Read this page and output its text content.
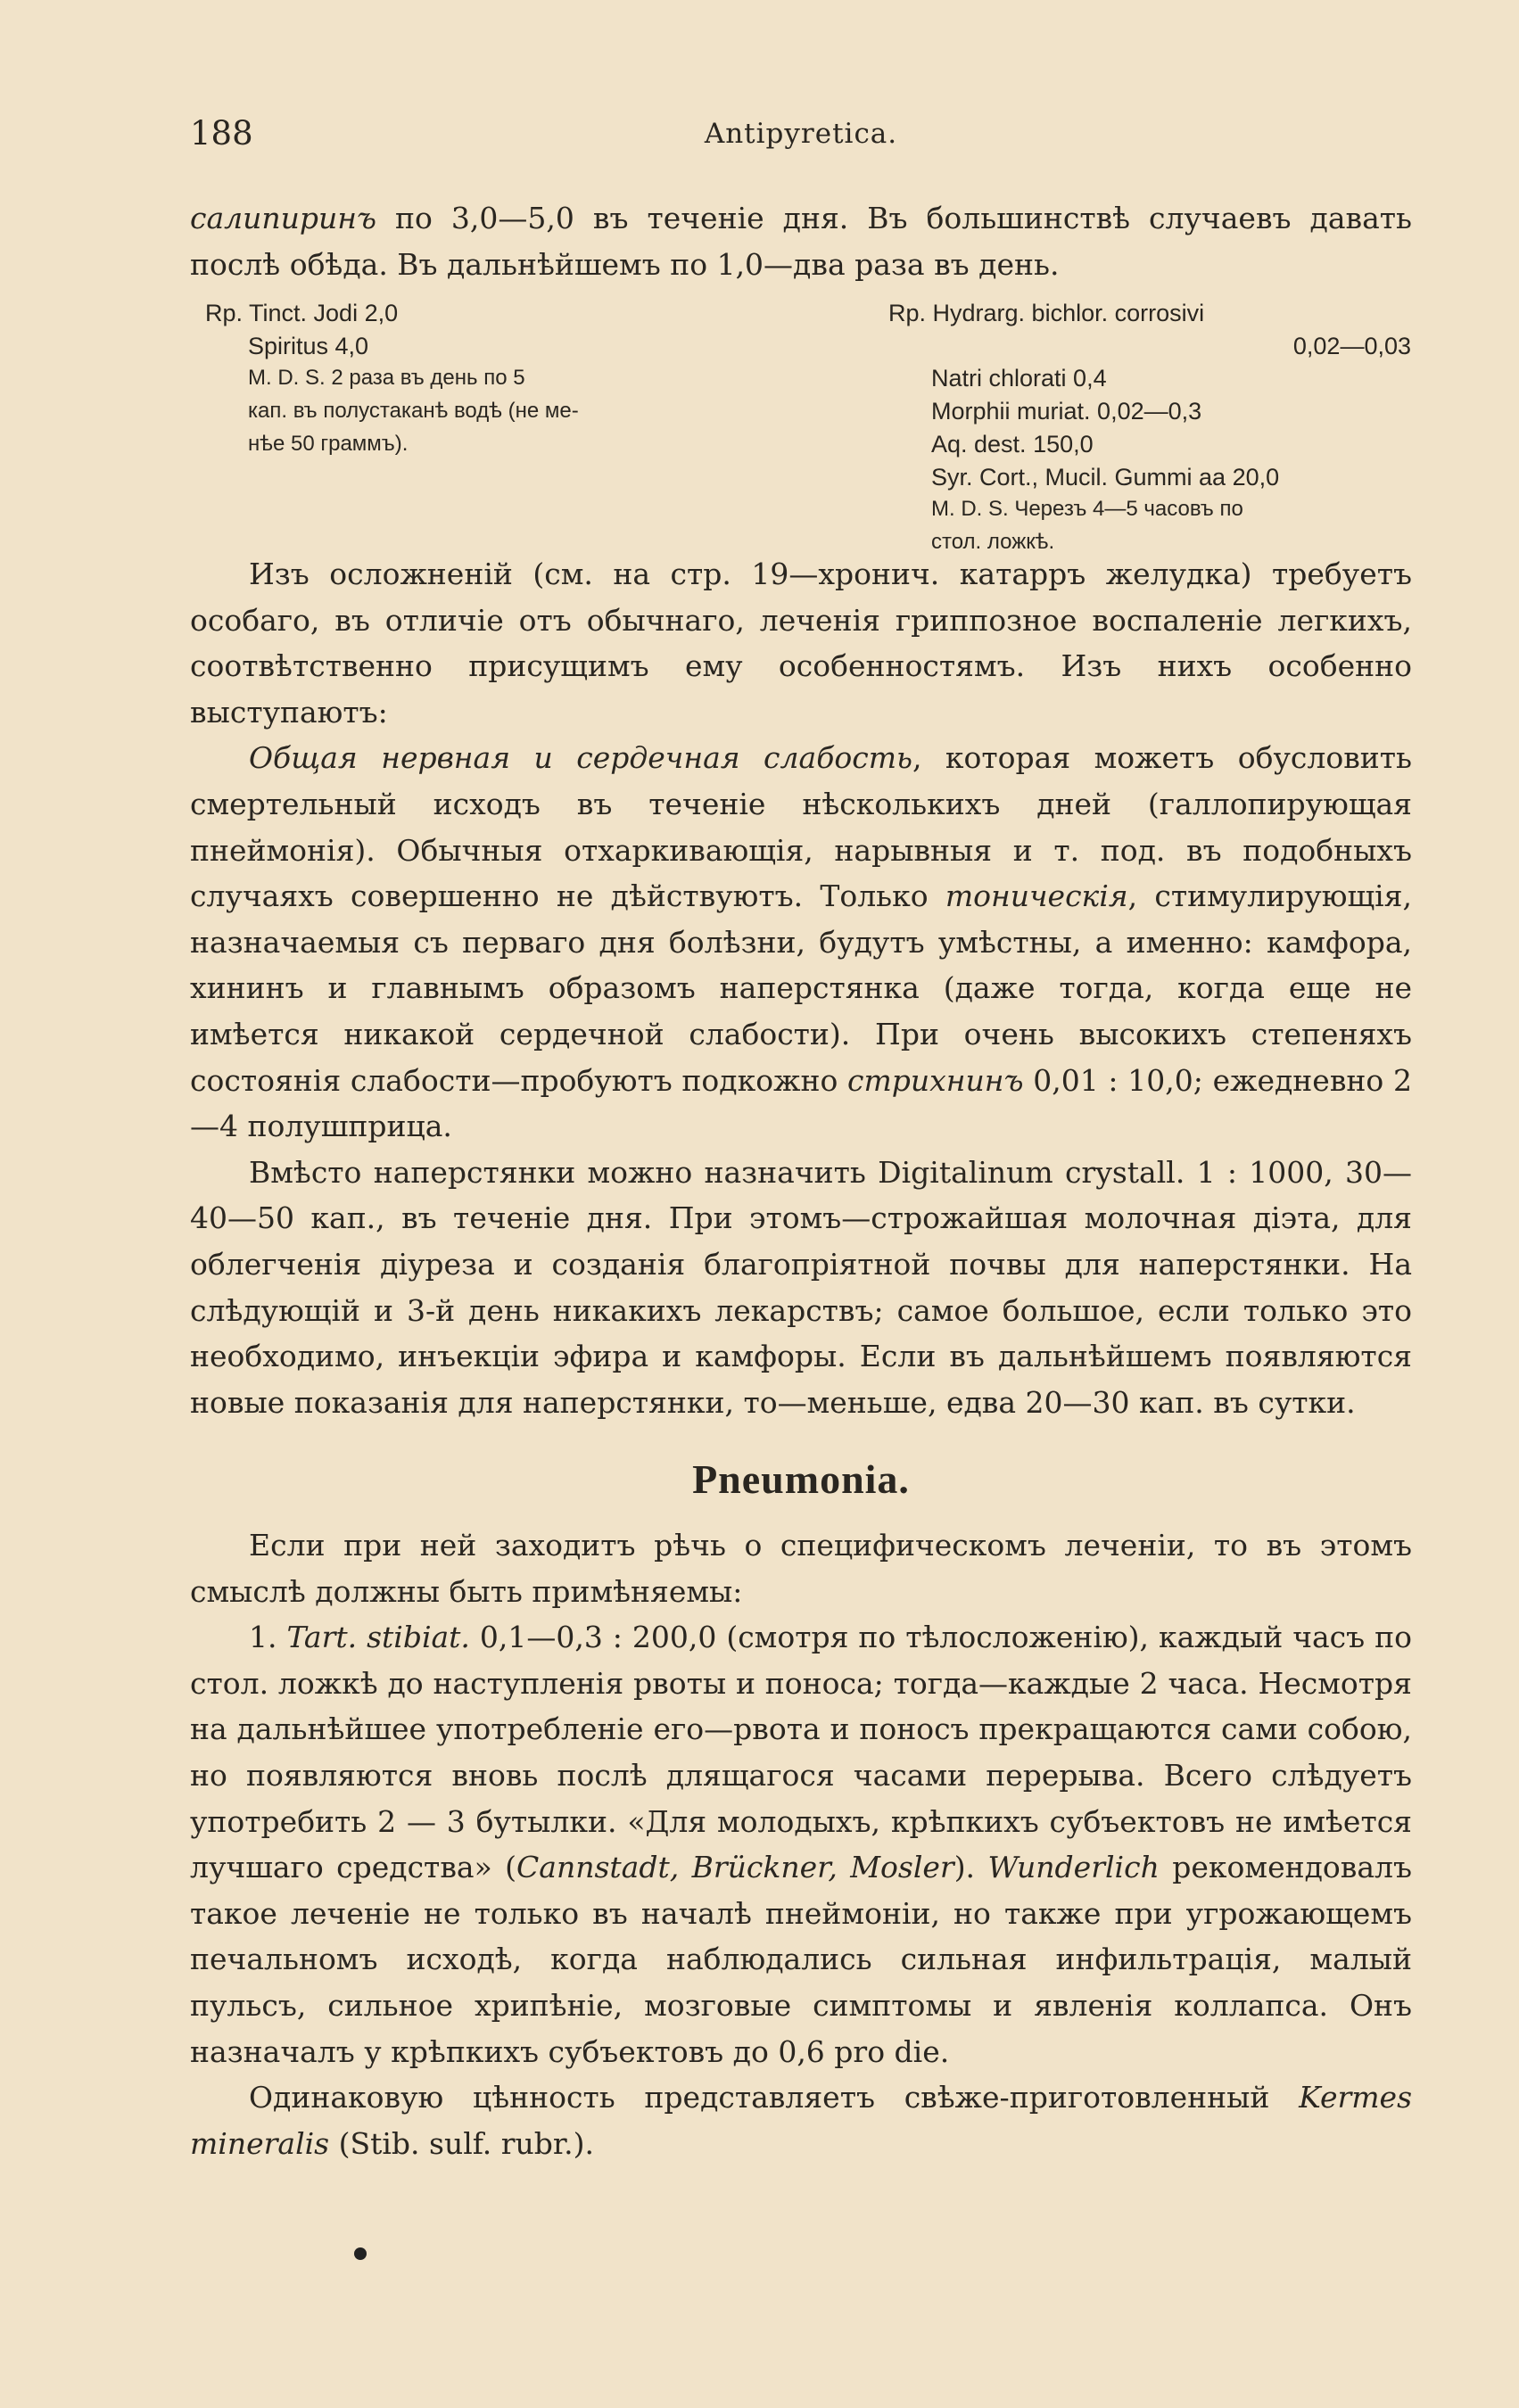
188	Antipyretica.

салипиринъ по 3,0—5,0 въ теченіе дня. Въ большинствѣ случаевъ давать послѣ обѣда. Въ дальнѣйшемъ по 1,0—два раза въ день.

Rp. Tinct. Jodi 2,0
Spiritus 4,0
M. D. S. 2 раза въ день по 5
кап. въ полустаканѣ водѣ (не ме-
нѣе 50 граммъ).
Rp. Hydrarg. bichlor. corrosivi
0,02—0,03
Natri chlorati 0,4
Morphii muriat. 0,02—0,3
Aq. dest. 150,0
Syr. Cort., Mucil. Gummi aa 20,0
M. D. S. Черезъ 4—5 часовъ по
стол. ложкѣ.

Изъ осложненій (см. на стр. 19—хронич. катарръ желудка) требуетъ особаго, въ отличіе отъ обычнаго, леченія гриппозное воспаленіе легкихъ, соотвѣтственно присущимъ ему особенностямъ. Изъ нихъ особенно выступаютъ:

Общая нервная и сердечная слабость, которая можетъ обусловить смертельный исходъ въ теченіе нѣсколькихъ дней (галлопирующая пнеймонія). Обычныя отхаркивающія, нарывныя и т. под. въ подобныхъ случаяхъ совершенно не дѣйствуютъ. Только тоническія, стимулирующія, назначаемыя съ перваго дня болѣзни, будутъ умѣстны, а именно: камфора, хининъ и главнымъ образомъ наперстянка (даже тогда, когда еще не имѣется никакой сердечной слабости). При очень высокихъ степеняхъ состоянія слабости—пробуютъ подкожно стрихнинъ 0,01 : 10,0; ежедневно 2—4 полушприца.

Вмѣсто наперстянки можно назначить Digitalinum crystall. 1 : 1000, 30—40—50 кап., въ теченіе дня. При этомъ—строжайшая молочная діэта, для облегченія діуреза и созданія благопріятной почвы для наперстянки. На слѣдующій и 3-й день никакихъ лекарствъ; самое большое, если только это необходимо, инъекціи эфира и камфоры. Если въ дальнѣйшемъ появляются новые показанія для наперстянки, то—меньше, едва 20—30 кап. въ сутки.

Pneumonia.

Если при ней заходитъ рѣчь о специфическомъ леченіи, то въ этомъ смыслѣ должны быть примѣняемы:

1. Tart. stibiat. 0,1—0,3 : 200,0 (смотря по тѣлосложенію), каждый часъ по стол. ложкѣ до наступленія рвоты и поноса; тогда—каждые 2 часа. Несмотря на дальнѣйшее употребленіе его—рвота и поносъ прекращаются сами собою, но появляются вновь послѣ длящагося часами перерыва. Всего слѣдуетъ употребить 2 — 3 бутылки. «Для молодыхъ, крѣпкихъ субъектовъ не имѣется лучшаго средства» (Cannstadt, Brückner, Mosler). Wunderlich рекомендовалъ такое леченіе не только въ началѣ пнеймоніи, но также при угрожающемъ печальномъ исходѣ, когда наблюдались сильная инфильтрація, малый пульсъ, сильное хрипѣніе, мозговые симптомы и явленія коллапса. Онъ назначалъ у крѣпкихъ субъектовъ до 0,6 pro die.

Одинаковую цѣнность представляетъ свѣже-приготовленный Kermes mineralis (Stib. sulf. rubr.).
